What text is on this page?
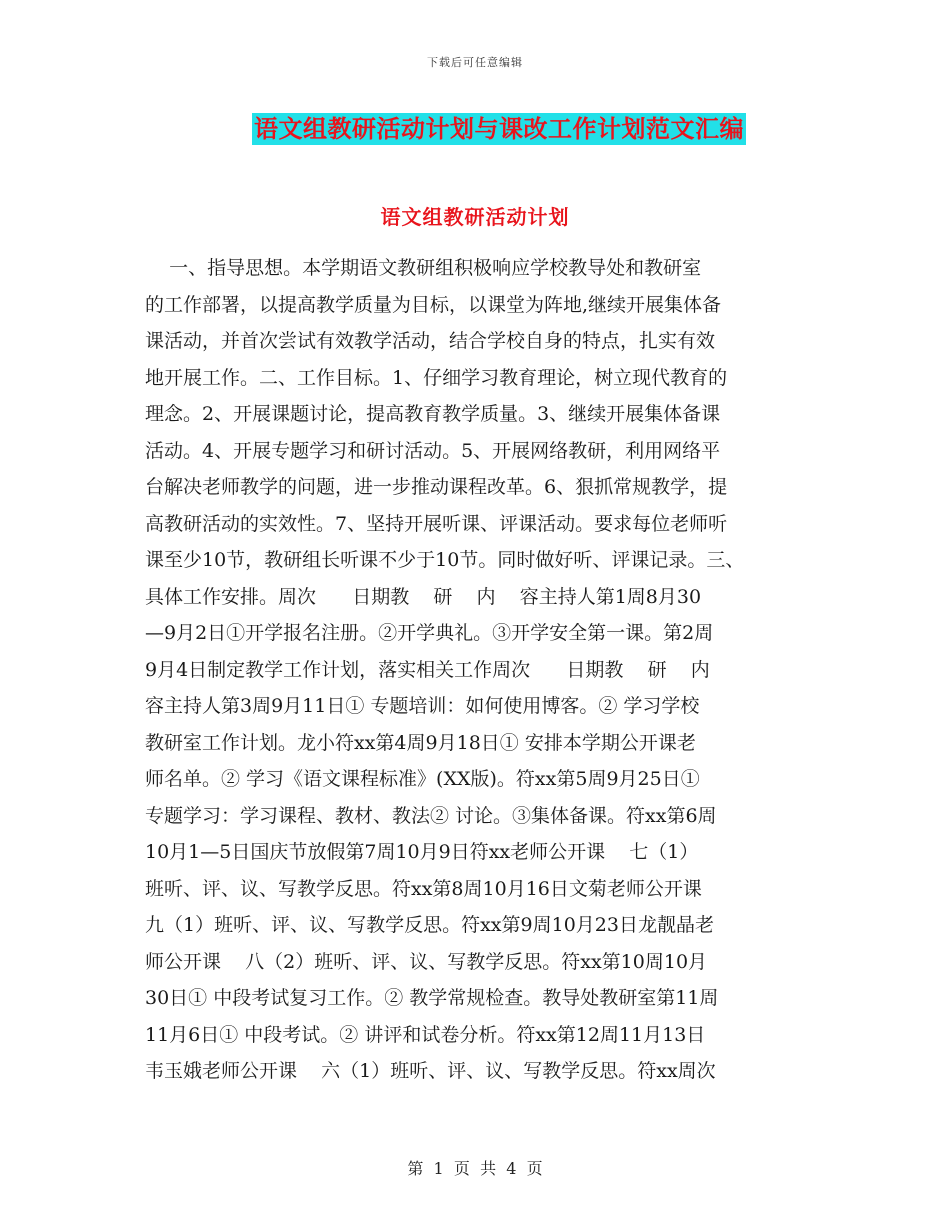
下载后可任意编辑
语文组教研活动计划与课改工作计划范文汇编
语文组教研活动计划
一、指导思想。本学期语文教研组积极响应学校教导处和教研室
的工作部署，以提高教学质量为目标，以课堂为阵地,继续开展集体备
课活动，并首次尝试有效教学活动，结合学校自身的特点，扎实有效
地开展工作。二、工作目标。1、仔细学习教育理论，树立现代教育的
理念。2、开展课题讨论，提高教育教学质量。3、继续开展集体备课
活动。4、开展专题学习和研讨活动。5、开展网络教研，利用网络平
台解决老师教学的问题，进一步推动课程改革。6、狠抓常规教学，提
高教研活动的实效性。7、坚持开展听课、评课活动。要求每位老师听
课至少10节，教研组长听课不少于10节。同时做好听、评课记录。三、
具体工作安排。周次      日期教    研    内    容主持人第1周8月30
—9月2日①开学报名注册。②开学典礼。③开学安全第一课。第2周
9月4日制定教学工作计划，落实相关工作周次      日期教    研    内
容主持人第3周9月11日① 专题培训：如何使用博客。② 学习学校
教研室工作计划。龙小符xx第4周9月18日① 安排本学期公开课老
师名单。② 学习《语文课程标准》(XX版)。符xx第5周9月25日①
专题学习：学习课程、教材、教法② 讨论。③集体备课。符xx第6周
10月1—5日国庆节放假第7周10月9日符xx老师公开课    七（1）
班听、评、议、写教学反思。符xx第8周10月16日文菊老师公开课
九（1）班听、评、议、写教学反思。符xx第9周10月23日龙靓晶老
师公开课    八（2）班听、评、议、写教学反思。符xx第10周10月
30日① 中段考试复习工作。② 教学常规检查。教导处教研室第11周
11月6日① 中段考试。② 讲评和试卷分析。符xx第12周11月13日
韦玉娥老师公开课    六（1）班听、评、议、写教学反思。符xx周次
第  1  页  共  4  页
